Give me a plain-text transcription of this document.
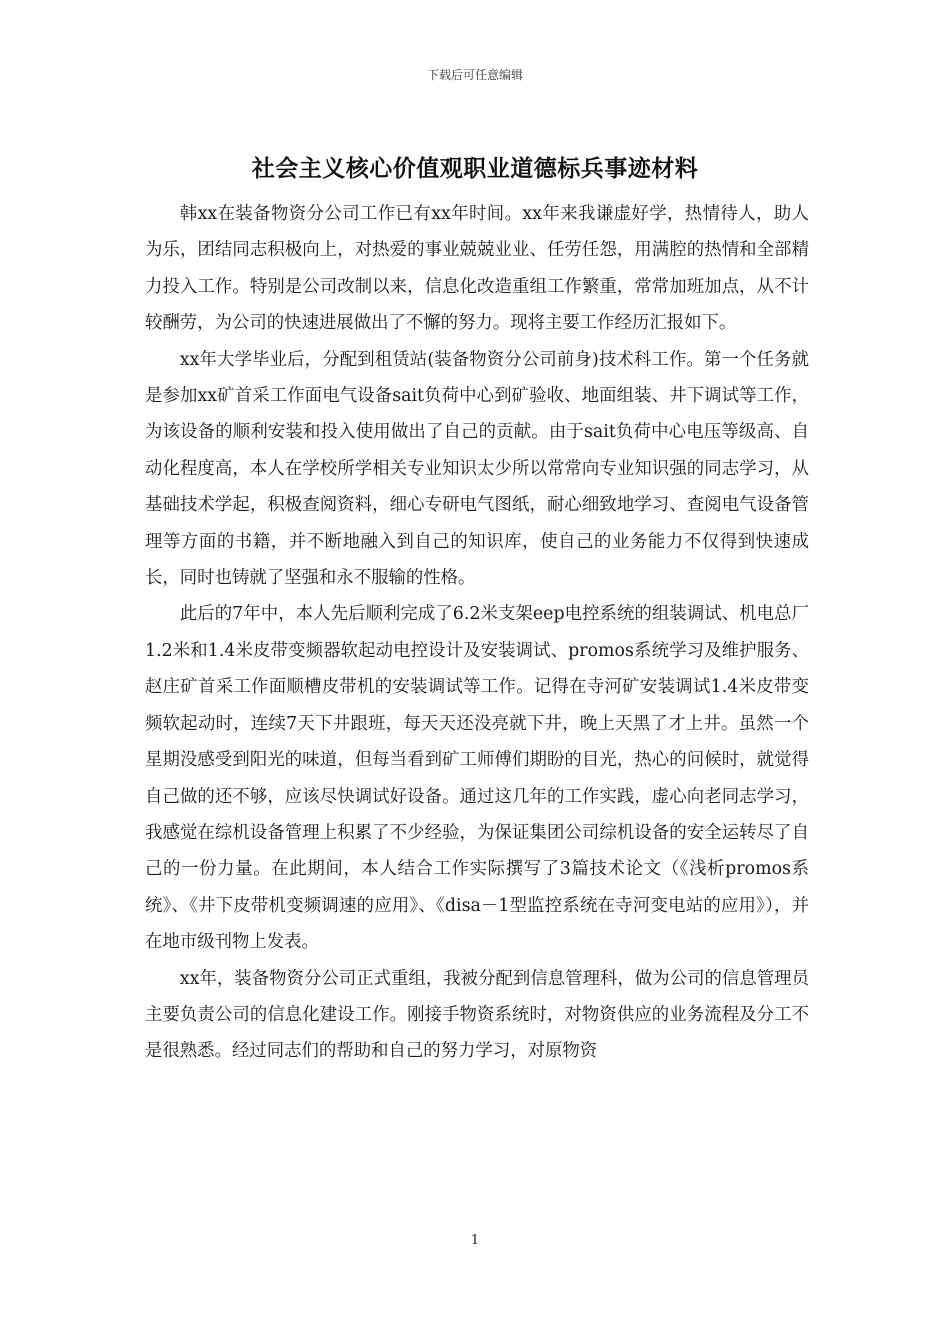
下载后可任意编辑
社会主义核心价值观职业道德标兵事迹材料

韩xx在装备物资分公司工作已有xx年时间。xx年来我谦虚好学，热情待人，助人为乐，团结同志积极向上，对热爱的事业兢兢业业、任劳任怨，用满腔的热情和全部精力投入工作。特别是公司改制以来，信息化改造重组工作繁重，常常加班加点，从不计较酬劳，为公司的快速进展做出了不懈的努力。现将主要工作经历汇报如下。

xx年大学毕业后，分配到租赁站(装备物资分公司前身)技术科工作。第一个任务就是参加xx矿首采工作面电气设备sait负荷中心到矿验收、地面组装、井下调试等工作，为该设备的顺利安装和投入使用做出了自己的贡献。由于sait负荷中心电压等级高、自动化程度高，本人在学校所学相关专业知识太少所以常常向专业知识强的同志学习，从基础技术学起，积极查阅资料，细心专研电气图纸，耐心细致地学习、查阅电气设备管理等方面的书籍，并不断地融入到自己的知识库，使自己的业务能力不仅得到快速成长，同时也铸就了坚强和永不服输的性格。

此后的7年中，本人先后顺利完成了6.2米支架eep电控系统的组装调试、机电总厂1.2米和1.4米皮带变频器软起动电控设计及安装调试、promos系统学习及维护服务、赵庄矿首采工作面顺槽皮带机的安装调试等工作。记得在寺河矿安装调试1.4米皮带变频软起动时，连续7天下井跟班，每天天还没亮就下井，晚上天黑了才上井。虽然一个星期没感受到阳光的味道，但每当看到矿工师傅们期盼的目光，热心的问候时，就觉得自己做的还不够，应该尽快调试好设备。通过这几年的工作实践，虚心向老同志学习，我感觉在综机设备管理上积累了不少经验，为保证集团公司综机设备的安全运转尽了自己的一份力量。在此期间，本人结合工作实际撰写了3篇技术论文（《浅析promos系统》、《井下皮带机变频调速的应用》、《disa－1型监控系统在寺河变电站的应用》），并在地市级刊物上发表。

xx年，装备物资分公司正式重组，我被分配到信息管理科，做为公司的信息管理员主要负责公司的信息化建设工作。刚接手物资系统时，对物资供应的业务流程及分工不是很熟悉。经过同志们的帮助和自己的努力学习，对原物资

1
